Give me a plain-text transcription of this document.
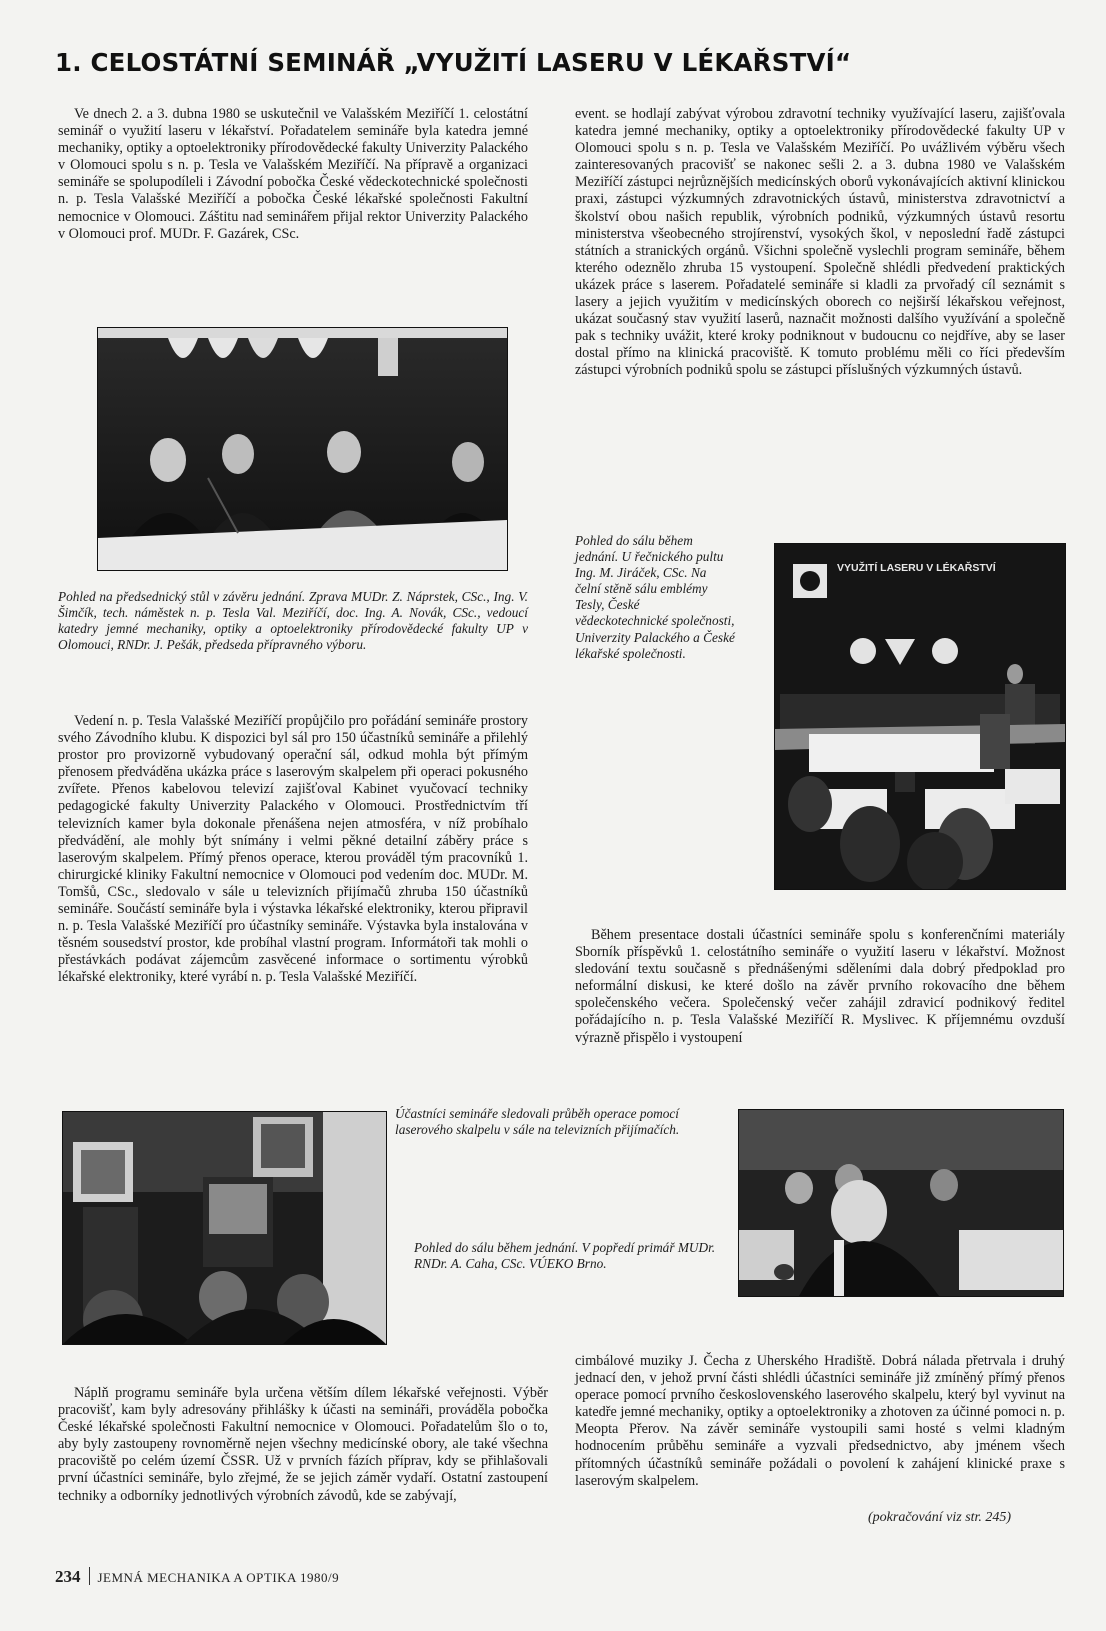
1. CELOSTÁTNÍ SEMINÁŘ „VYUŽITÍ LASERU V LÉKAŘSTVÍ“

Ve dnech 2. a 3. dubna 1980 se uskutečnil ve Valašském Meziříčí 1. celostátní seminář o využití laseru v lékařství. Pořadatelem semináře byla katedra jemné mechaniky, optiky a optoelektroniky přírodovědecké fakulty Univerzity Palackého v Olomouci spolu s n. p. Tesla ve Valašském Meziříčí. Na přípravě a organizaci semináře se spolupodíleli i Závodní pobočka České vědeckotechnické společnosti n. p. Tesla Valašské Meziříčí a pobočka České lékařské společnosti Fakultní nemocnice v Olomouci. Záštitu nad seminářem přijal rektor Univerzity Palackého v Olomouci prof. MUDr. F. Gazárek, CSc.

Pohled na předsednický stůl v závěru jednání. Zprava MUDr. Z. Náprstek, CSc., Ing. V. Šimčík, tech. náměstek n. p. Tesla Val. Meziříčí, doc. Ing. A. Novák, CSc., vedoucí katedry jemné mechaniky, optiky a optoelektroniky přírodovědecké fakulty UP v Olomouci, RNDr. J. Pešák, předseda přípravného výboru.

Vedení n. p. Tesla Valašské Meziříčí propůjčilo pro pořádání semináře prostory svého Závodního klubu. K dispozici byl sál pro 150 účastníků semináře a přilehlý prostor pro provizorně vybudovaný operační sál, odkud mohla být přímým přenosem předváděna ukázka práce s laserovým skalpelem při operaci pokusného zvířete. Přenos kabelovou televizí zajišťoval Kabinet vyučovací techniky pedagogické fakulty Univerzity Palackého v Olomouci. Prostřednictvím tří televizních kamer byla dokonale přenášena nejen atmosféra, v níž probíhalo předvádění, ale mohly být snímány i velmi pěkné detailní záběry práce s laserovým skalpelem. Přímý přenos operace, kterou prováděl tým pracovníků 1. chirurgické kliniky Fakultní nemocnice v Olomouci pod vedením doc. MUDr. M. Tomšů, CSc., sledovalo v sále u televizních přijímačů zhruba 150 účastníků semináře. Součástí semináře byla i výstavka lékařské elektroniky, kterou připravil n. p. Tesla Valašské Meziříčí pro účastníky semináře. Výstavka byla instalována v těsném sousedství prostor, kde probíhal vlastní program. Informátoři tak mohli o přestávkách podávat zájemcům zasvěcené informace o sortimentu výrobků lékařské elektroniky, které vyrábí n. p. Tesla Valašské Meziříčí.

event. se hodlají zabývat výrobou zdravotní techniky využívající laseru, zajišťovala katedra jemné mechaniky, optiky a optoelektroniky přírodovědecké fakulty UP v Olomouci spolu s n. p. Tesla ve Valašském Meziříčí. Po uvážlivém výběru všech zainteresovaných pracovišť se nakonec sešli 2. a 3. dubna 1980 ve Valašském Meziříčí zástupci nejrůznějších medicínských oborů vykonávajících aktivní klinickou praxi, zástupci výzkumných zdravotnických ústavů, ministerstva zdravotnictví a školství obou našich republik, výrobních podniků, výzkumných ústavů resortu ministerstva všeobecného strojírenství, vysokých škol, v neposlední řadě zástupci státních a stranických orgánů. Všichni společně vyslechli program semináře, během kterého odeznělo zhruba 15 vystoupení. Společně shlédli předvedení praktických ukázek práce s laserem. Pořadatelé semináře si kladli za prvořadý cíl seznámit s lasery a jejich využitím v medicínských oborech co nejširší lékařskou veřejnost, ukázat současný stav využití laserů, naznačit možnosti dalšího využívání a společně pak s techniky uvážit, které kroky podniknout v budoucnu co nejdříve, aby se laser dostal přímo na klinická pracoviště. K tomuto problému měli co říci především zástupci výrobních podniků spolu se zástupci příslušných výzkumných ústavů.

Pohled do sálu během jednání. U řečnického pultu Ing. M. Jiráček, CSc. Na čelní stěně sálu emblémy Tesly, České vědeckotechnické společnosti, Univerzity Palackého a České lékařské společnosti.

VYUŽITÍ LASERU V LÉKAŘSTVÍ

Během presentace dostali účastníci semináře spolu s konferenčními materiály Sborník příspěvků 1. celostátního semináře o využití laseru v lékařství. Možnost sledování textu současně s přednášenými sděleními dala dobrý předpoklad pro neformální diskusi, ke které došlo na závěr prvního rokovacího dne během společenského večera. Společenský večer zahájil zdravicí podnikový ředitel pořádajícího n. p. Tesla Valašské Meziříčí R. Myslivec. K příjemnému ovzduší výrazně přispělo i vystoupení

Účastníci semináře sledovali průběh operace pomocí laserového skalpelu v sále na televizních přijímačích.

Pohled do sálu během jednání. V popředí primář MUDr. RNDr. A. Caha, CSc. VÚEKO Brno.

Náplň programu semináře byla určena větším dílem lékařské veřejnosti. Výběr pracovišť, kam byly adresovány přihlášky k účasti na semináři, prováděla pobočka České lékařské společnosti Fakultní nemocnice v Olomouci. Pořadatelům šlo o to, aby byly zastoupeny rovnoměrně nejen všechny medicínské obory, ale také všechna pracoviště po celém území ČSSR. Už v prvních fázích příprav, kdy se přihlašovali první účastníci semináře, bylo zřejmé, že se jejich záměr vydaří. Ostatní zastoupení techniky a odborníky jednotlivých výrobních závodů, kde se zabývají,

cimbálové muziky J. Čecha z Uherského Hradiště. Dobrá nálada přetrvala i druhý jednací den, v jehož první části shlédli účastníci semináře již zmíněný přímý přenos operace pomocí prvního československého laserového skalpelu, který byl vyvinut na katedře jemné mechaniky, optiky a optoelektroniky a zhotoven za účinné pomoci n. p. Meopta Přerov. Na závěr semináře vystoupili sami hosté s velmi kladným hodnocením průběhu semináře a vyzvali předsednictvo, aby jménem všech přítomných účastníků semináře požádali o povolení k zahájení klinické praxe s laserovým skalpelem.

(pokračování viz str. 245)
234 JEMNÁ MECHANIKA A OPTIKA 1980/9
